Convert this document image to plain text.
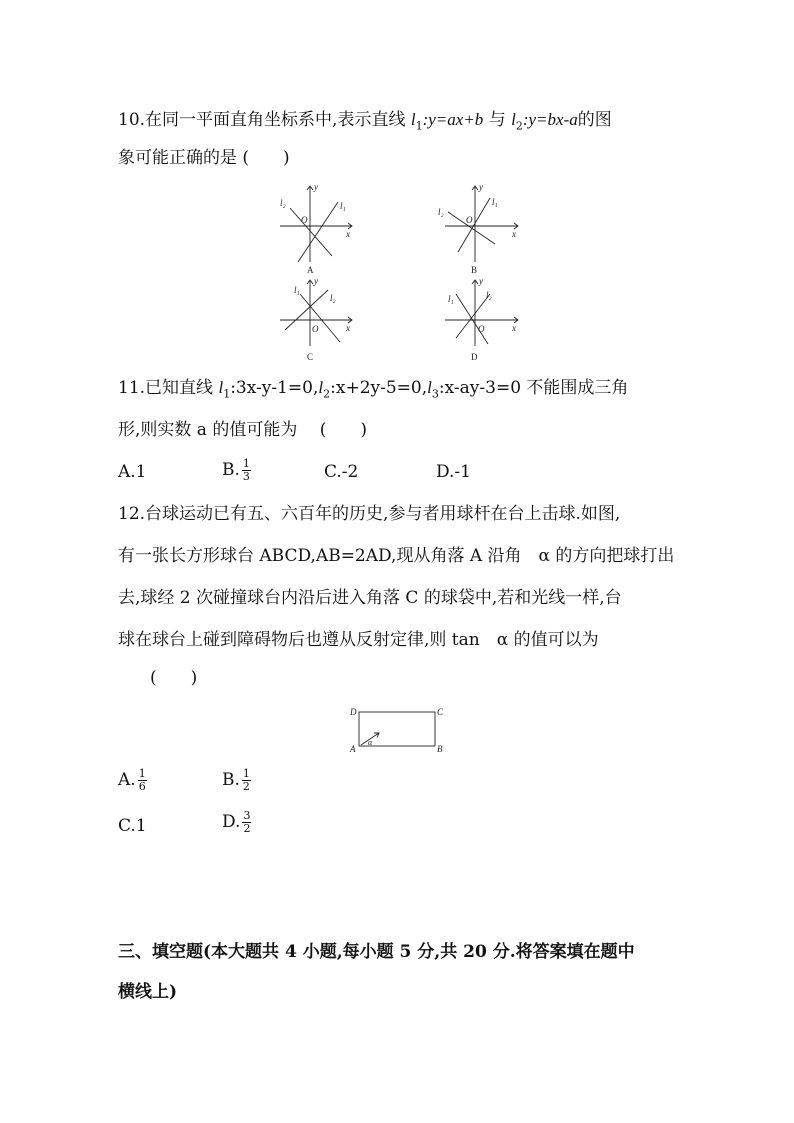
10.在同一平面直角坐标系中,表示直线 $l_1:y=ax+b$ 与 $l_2:y=bx-a$的图
象可能正确的是 (　　)
l₂	l₁
y
x
O
A
l₂
l₁
y
x
O
B
l₁
l₂
y
x
O
C
l₁	l₂
y
x
O
D
11.已知直线 $l_1:3x-y-1=0,l_2:x+2y-5=0,l_3:x-ay-3=0$ 不能围成三角
形,则实数 a 的值可能为　 (　　)
A.1	B. $\frac{1}{3}$	C.-2	D.-1
12.台球运动已有五、六百年的历史,参与者用球杆在台上击球.如图,
有一张长方形球台 ABCD,AB=2AD,现从角落 A 沿角　α 的方向把球打出
去,球经 2 次碰撞球台内沿后进入角落 C 的球袋中,若和光线一样,台
球在球台上碰到障碍物后也遵从反射定律,则 tan　α 的值可以为
(　　)
D	C
A	B
α
A. $\frac{1}{6}$	B. $\frac{1}{2}$
C.1	D. $\frac{3}{2}$
三、填空题(本大题共 4 小题,每小题 5 分,共 20 分.将答案填在题中
横线上)
